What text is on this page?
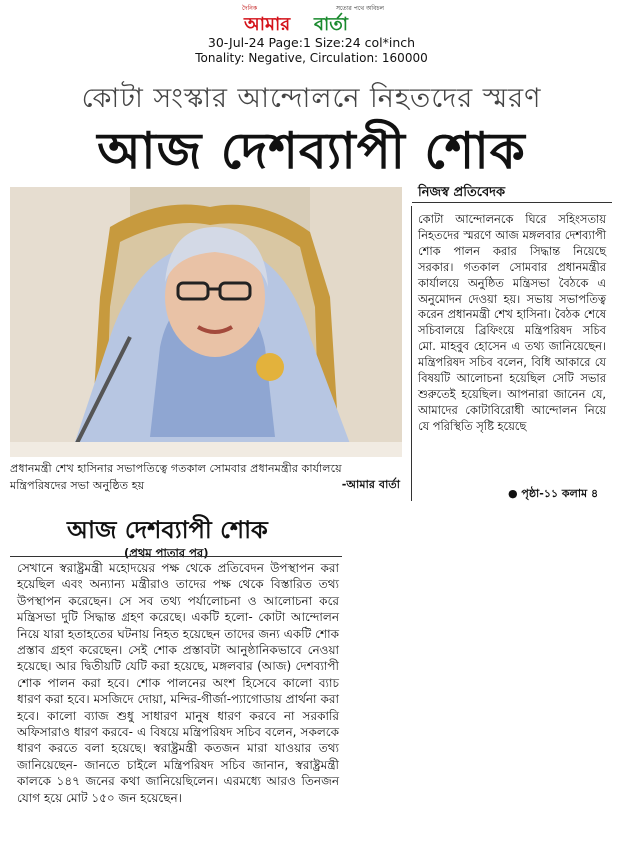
দৈনিক	সত্যের পথে অবিচল
আমার বার্তা
30-Jul-24 Page:1 Size:24 col*inch
Tonality: Negative, Circulation: 160000
কোটা সংস্কার আন্দোলনে নিহতদের স্মরণ
আজ দেশব্যাপী শোক
নিজস্ব প্রতিবেদক
কোটা আন্দোলনকে ঘিরে সহিংসতায় নিহতদের স্মরণে আজ মঙ্গলবার দেশব্যাপী শোক পালন করার সিদ্ধান্ত নিয়েছে সরকার। গতকাল সোমবার প্রধানমন্ত্রীর কার্যালয়ে অনুষ্ঠিত মন্ত্রিসভা বৈঠকে এ অনুমোদন দেওয়া হয়। সভায় সভাপতিত্ব করেন প্রধানমন্ত্রী শেখ হাসিনা। বৈঠক শেষে সচিবালয়ে ব্রিফিংয়ে মন্ত্রিপরিষদ সচিব মো. মাহবুব হোসেন এ তথ্য জানিয়েছেন। মন্ত্রিপরিষদ সচিব বলেন, বিধি আকারে যে বিষয়টি আলোচনা হয়েছিল সেটি সভার শুরুতেই হয়েছিল। আপনারা জানেন যে, আমাদের কোটাবিরোধী আন্দোলন নিয়ে যে পরিস্থিতি সৃষ্টি হয়েছে
● পৃষ্ঠা-১১ কলাম ৪
প্রধানমন্ত্রী শেখ হাসিনার সভাপতিত্বে গতকাল সোমবার প্রধানমন্ত্রীর কার্যালয়ে মন্ত্রিপরিষদের সভা অনুষ্ঠিত হয়	-আমার বার্তা
আজ দেশব্যাপী শোক
(প্রথম পাতার পর)
সেখানে স্বরাষ্ট্রমন্ত্রী মহোদয়ের পক্ষ থেকে প্রতিবেদন উপস্থাপন করা হয়েছিল এবং অন্যান্য মন্ত্রীরাও তাদের পক্ষ থেকে বিস্তারিত তথ্য উপস্থাপন করেছেন। সে সব তথ্য পর্যালোচনা ও আলোচনা করে মন্ত্রিসভা দুটি সিদ্ধান্ত গ্রহণ করেছে। একটি হলো- কোটা আন্দোলন নিয়ে যারা হতাহতের ঘটনায় নিহত হয়েছেন তাদের জন্য একটি শোক প্রস্তাব গ্রহণ করেছেন। সেই শোক প্রস্তাবটা আনুষ্ঠানিকভাবে নেওয়া হয়েছে। আর দ্বিতীয়টি যেটি করা হয়েছে, মঙ্গলবার (আজ) দেশব্যাপী শোক পালন করা হবে। শোক পালনের অংশ হিসেবে কালো ব্যাচ ধারণ করা হবে। মসজিদে দোয়া, মন্দির-গীর্জা-প্যাগোডায় প্রার্থনা করা হবে। কালো ব্যাজ শুধু সাধারণ মানুষ ধারণ করবে না সরকারি অফিসারাও ধারণ করবে- এ বিষয়ে মন্ত্রিপরিষদ সচিব বলেন, সকলকে ধারণ করতে বলা হয়েছে। স্বরাষ্ট্রমন্ত্রী কতজন মারা যাওয়ার তথ্য জানিয়েছেন- জানতে চাইলে মন্ত্রিপরিষদ সচিব জানান, স্বরাষ্ট্রমন্ত্রী কালকে ১৪৭ জনের কথা জানিয়েছিলেন। এরমধ্যে আরও তিনজন যোগ হয়ে মোট ১৫০ জন হয়েছেন।
